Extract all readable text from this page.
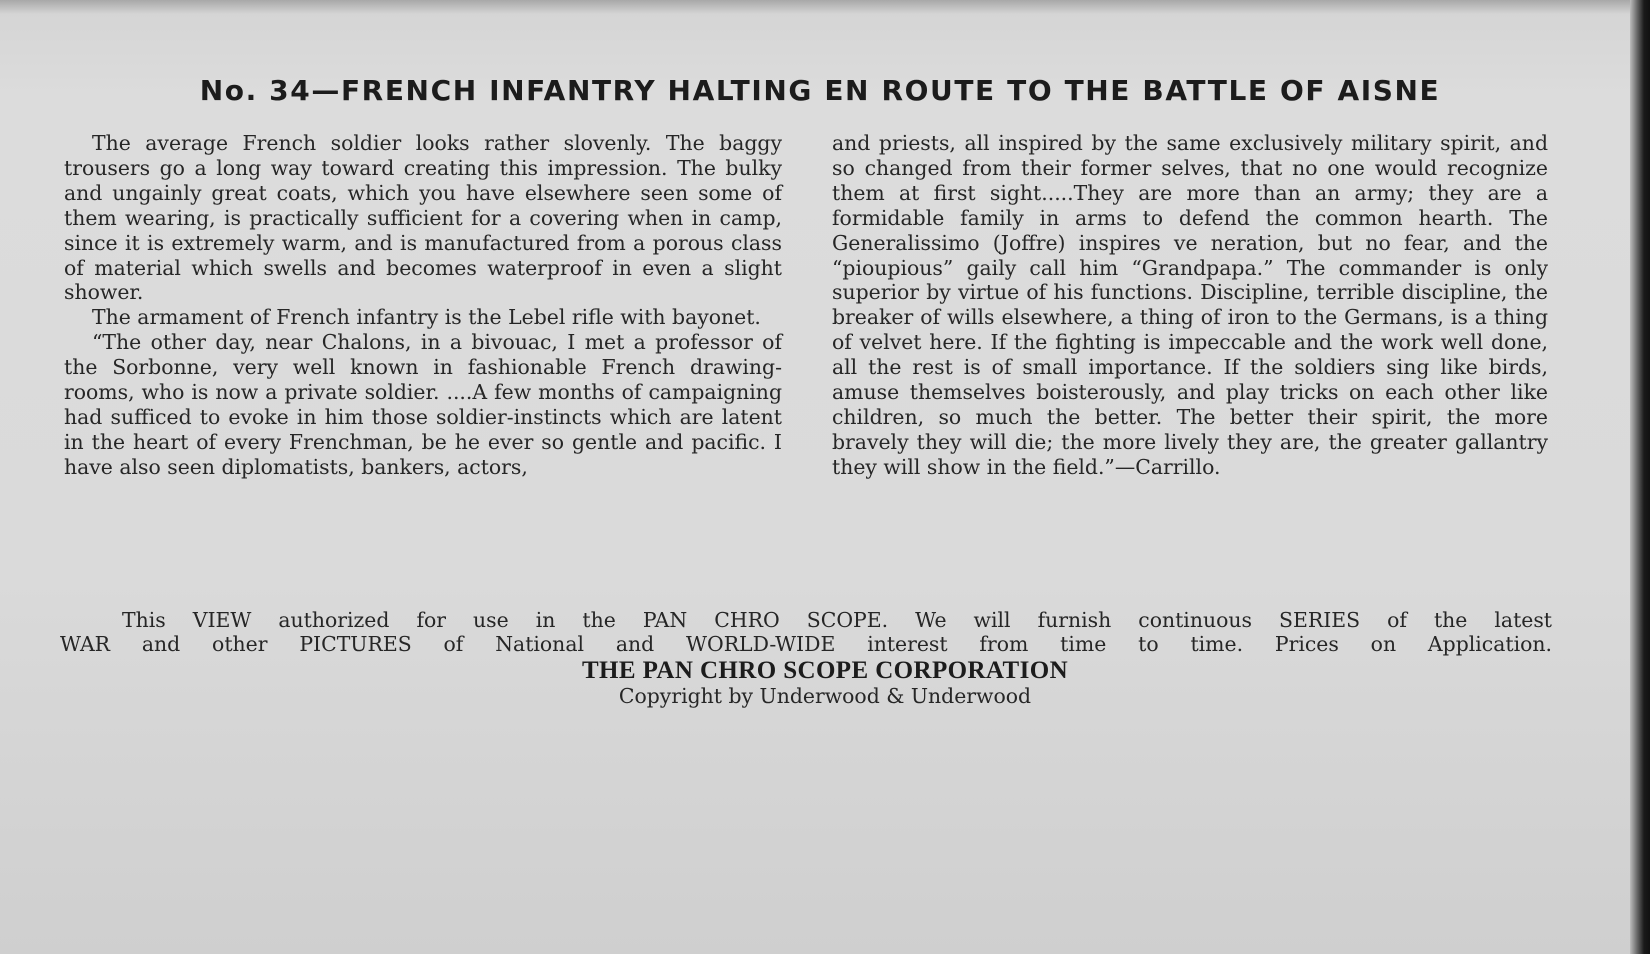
No. 34—FRENCH INFANTRY HALTING EN ROUTE TO THE BATTLE OF AISNE

The average French soldier looks rather slovenly. The baggy trousers go a long way toward creating this impression. The bulky and ungainly great coats, which you have elsewhere seen some of them wearing, is practically sufficient for a covering when in camp, since it is extremely warm, and is manufactured from a porous class of material which swells and becomes waterproof in even a slight shower.

The armament of French infantry is the Lebel rifle with bayonet.

“The other day, near Chalons, in a bivouac, I met a professor of the Sorbonne, very well known in fashionable French drawing-rooms, who is now a private soldier. ....A few months of campaigning had sufficed to evoke in him those soldier-instincts which are latent in the heart of every Frenchman, be he ever so gentle and pacific. I have also seen diplomatists, bankers, actors,

and priests, all inspired by the same exclusively military spirit, and so changed from their former selves, that no one would recognize them at first sight.....They are more than an army; they are a formidable family in arms to defend the common hearth. The Generalissimo (Joffre) inspires ve neration, but no fear, and the “pioupious” gaily call him “Grandpapa.” The commander is only superior by virtue of his functions. Discipline, terrible discipline, the breaker of wills elsewhere, a thing of iron to the Germans, is a thing of velvet here. If the fighting is impeccable and the work well done, all the rest is of small importance. If the soldiers sing like birds, amuse themselves boisterously, and play tricks on each other like children, so much the better. The better their spirit, the more bravely they will die; the more lively they are, the greater gallantry they will show in the field.”—Carrillo.

This VIEW authorized for use in the PAN CHRO SCOPE. We will furnish continuous SERIES of the latest
WAR and other PICTURES of National and WORLD-WIDE interest from time to time. Prices on Application.
THE PAN CHRO SCOPE CORPORATION
Copyright by Underwood & Underwood
